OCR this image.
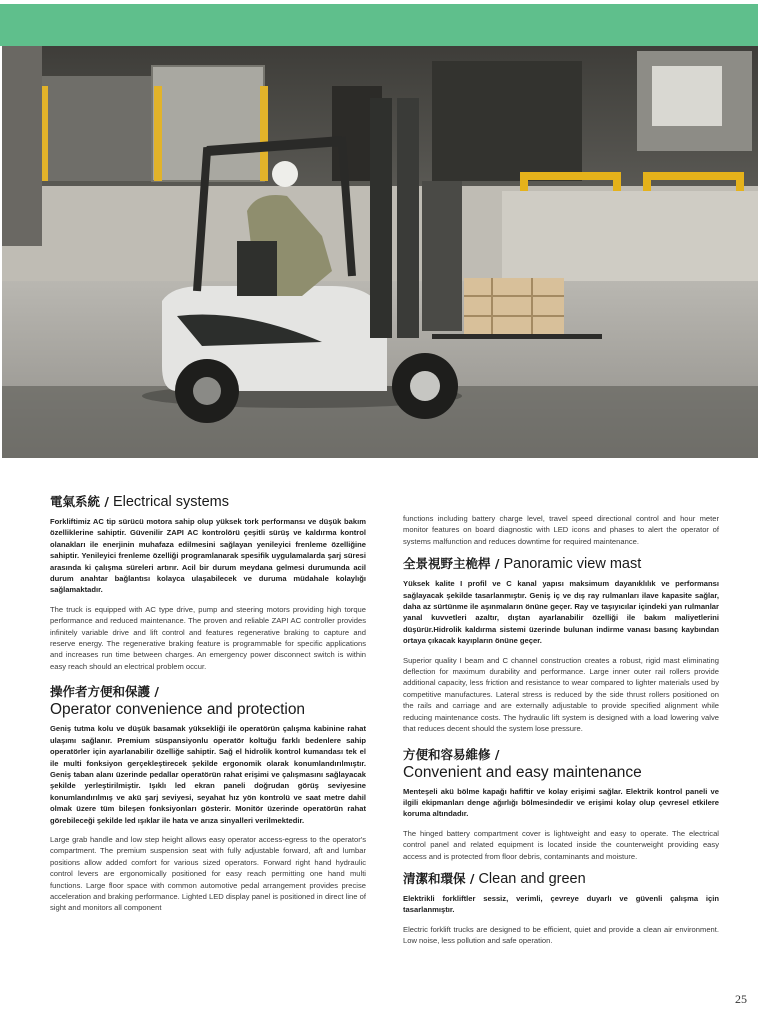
電氣系統 / Electrical systems

Forkliftimiz AC tip sürücü motora sahip olup yüksek tork performansı ve düşük bakım özelliklerine sahiptir. Güvenilir ZAPI AC kontrolörü çeşitli sürüş ve kaldırma kontrol olanakları ile enerjinin muhafaza edilmesini sağlayan yenileyici frenleme özelliğine sahiptir. Yenileyici frenleme özelliği programlanarak spesifik uygulamalarda şarj süresi arasında ki çalışma süreleri artırır. Acil bir durum meydana gelmesi durumunda acil durum anahtar bağlantısı kolayca ulaşabilecek ve duruma müdahale kolaylığı sağlamaktadır.

The truck is equipped with AC type drive, pump and steering motors providing high torque performance and reduced maintenance. The proven and reliable ZAPI AC controller provides infinitely variable drive and lift control and features regenerative braking to capture and reserve energy. The regenerative braking feature is programmable for specific applications and increases run time between charges. An emergency power disconnect switch is within easy reach should an electrical problem occur.

操作者方便和保護 /
Operator convenience and protection

Geniş tutma kolu ve düşük basamak yüksekliği ile operatörün çalışma kabinine rahat ulaşımı sağlanır. Premium süspansiyonlu operatör koltuğu farklı bedenlere sahip operatörler için ayarlanabilir özelliğe sahiptir. Sağ el hidrolik kontrol kumandası tek el ile multi fonksiyon gerçekleştirecek şekilde ergonomik olarak konumlandırılmıştır. Geniş taban alanı üzerinde pedallar operatörün rahat erişimi ve çalışmasını sağlayacak şekilde yerleştirilmiştir. Işıklı led ekran paneli doğrudan görüş seviyesine konumlandırılmış ve akü şarj seviyesi, seyahat hız yön kontrolü ve saat metre dahil olmak üzere tüm bileşen fonksiyonları gösterir. Monitör üzerinde operatörün rahat görebileceği şekilde led ışıklar ile hata ve arıza sinyalleri verilmektedir.

Large grab handle and low step height allows easy operator access-egress to the operator's compartment. The premium suspension seat with fully adjustable forward, aft and lumbar positions allow added comfort for various sized operators. Forward right hand hydraulic control levers are ergonomically positioned for easy reach permitting one hand multi functions. Large floor space with common automotive pedal arrangement provides precise acceleration and braking performance. Lighted LED display panel is positioned in direct line of sight and monitors all component

functions including battery charge level, travel speed directional control and hour meter monitor features on board diagnostic with LED icons and phases to alert the operator of systems malfunction and reduces downtime for required maintenance.

全景視野主桅桿 / Panoramic view mast

Yüksek kalite I profil ve C kanal yapısı maksimum dayanıklılık ve performansı sağlayacak şekilde tasarlanmıştır. Geniş iç ve dış ray rulmanları ilave kapasite sağlar, daha az sürtünme ile aşınmaların önüne geçer. Ray ve taşıyıcılar içindeki yan rulmanlar yanal kuvvetleri azaltır, dıştan ayarlanabilir özelliği ile bakım maliyetlerini düşürür.Hidrolik kaldırma sistemi üzerinde bulunan indirme vanası basınç kaybından ortaya çıkacak kayıpların önüne geçer.

Superior quality I beam and C channel construction creates a robust, rigid mast eliminating deflection for maximum durability and performance. Large inner outer rail rollers provide additional capacity, less friction and resistance to wear compared to lighter materials used by competitive manufactures. Lateral stress is reduced by the side thrust rollers positioned on the rails and carriage and are externally adjustable to provide specified alignment while reducing maintenance costs. The hydraulic lift system is designed with a load lowering valve that reduces decent should the system lose pressure.

方便和容易維修 /
Convenient and easy maintenance

Menteşeli akü bölme kapağı hafiftir ve kolay erişimi sağlar. Elektrik kontrol paneli ve ilgili ekipmanları denge ağırlığı bölmesindedir ve erişimi kolay olup çevresel etkilere koruma altındadır.

The hinged battery compartment cover is lightweight and easy to operate. The electrical control panel and related equipment is located inside the counterweight providing easy access and is protected from floor debris, contaminants and moisture.

清潔和環保 / Clean and green

Elektrikli forkliftler sessiz, verimli, çevreye duyarlı ve güvenli çalışma için tasarlanmıştır.

Electric forklift trucks are designed to be efficient, quiet and provide a clean air environment. Low noise, less pollution and safe operation.

25
